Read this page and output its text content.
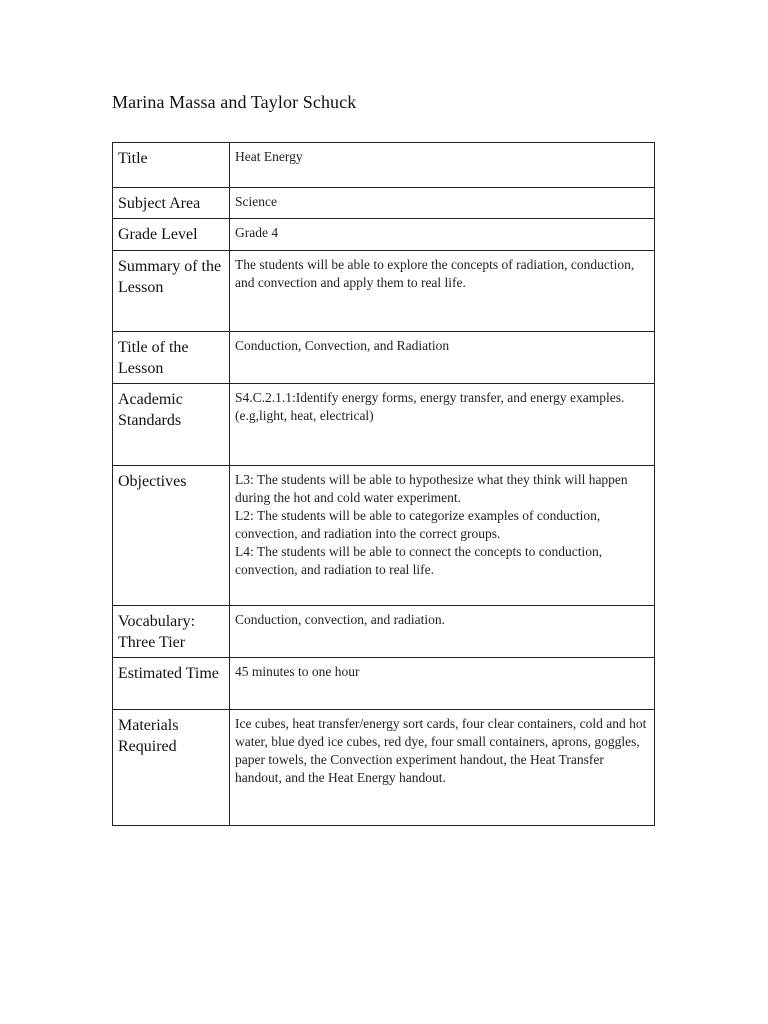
Marina Massa and Taylor Schuck
Title	Heat Energy
Subject Area	Science
Grade Level	Grade 4
Summary of the Lesson	The students will be able to explore the concepts of radiation, conduction, and convection and apply them to real life.
Title of the Lesson	Conduction, Convection, and Radiation
Academic Standards	S4.C.2.1.1:Identify energy forms, energy transfer, and energy examples. (e.g,light, heat, electrical)
Objectives	L3: The students will be able to hypothesize what they think will happen during the hot and cold water experiment.
L2: The students will be able to categorize examples of conduction, convection, and radiation into the correct groups.
L4: The students will be able to connect the concepts to conduction, convection, and radiation to real life.

Vocabulary: Three Tier	Conduction, convection, and radiation.
Estimated Time	45 minutes to one hour
Materials Required	Ice cubes, heat transfer/energy sort cards, four clear containers, cold and hot water, blue dyed ice cubes, red dye, four small containers, aprons, goggles, paper towels, the Convection experiment handout, the Heat Transfer handout, and the Heat Energy handout.
